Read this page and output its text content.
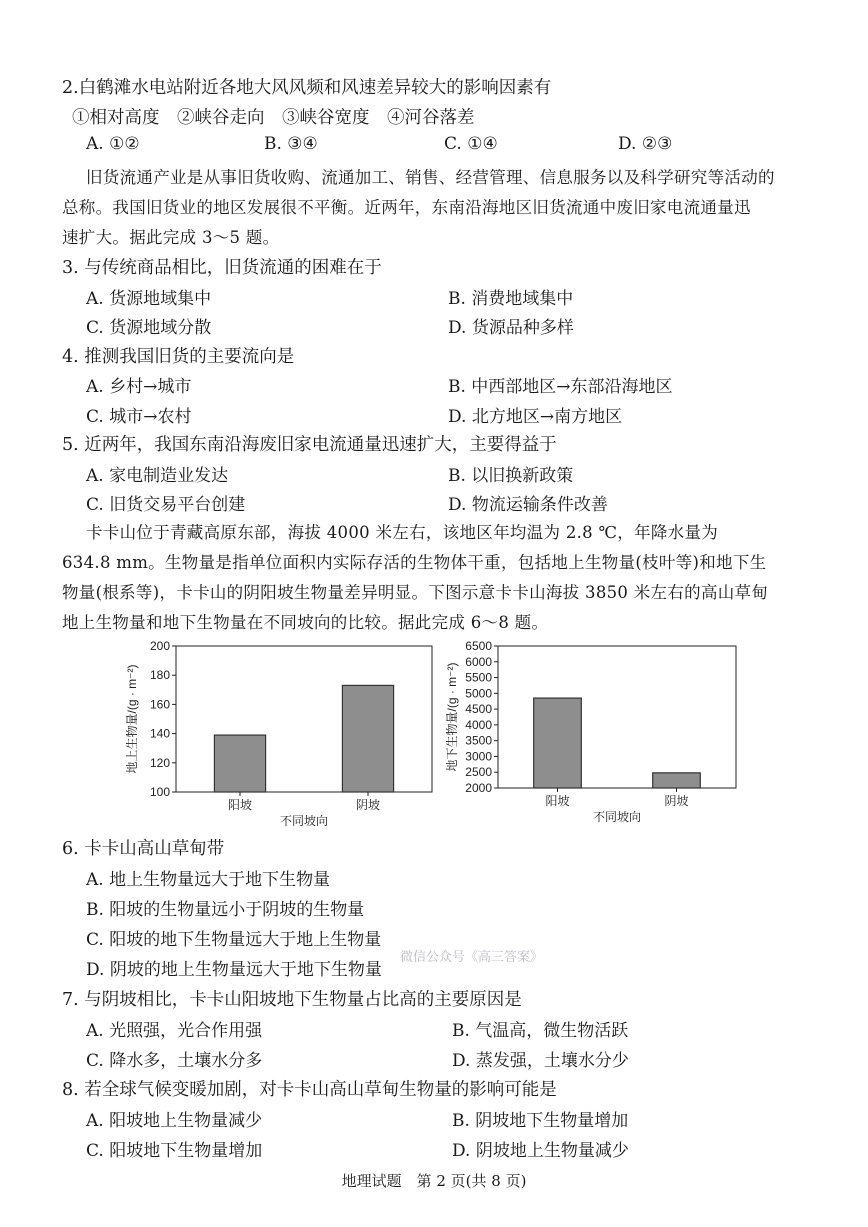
2.白鹤滩水电站附近各地大风风频和风速差异较大的影响因素有
①相对高度　②峡谷走向　③峡谷宽度　④河谷落差
A. ①②	B. ③④	C. ①④	D. ②③
旧货流通产业是从事旧货收购、流通加工、销售、经营管理、信息服务以及科学研究等活动的
总称。我国旧货业的地区发展很不平衡。近两年，东南沿海地区旧货流通中废旧家电流通量迅
速扩大。据此完成 3～5 题。
3. 与传统商品相比，旧货流通的困难在于
A. 货源地域集中	B. 消费地域集中
C. 货源地域分散	D. 货源品种多样
4. 推测我国旧货的主要流向是
A. 乡村→城市	B. 中西部地区→东部沿海地区
C. 城市→农村	D. 北方地区→南方地区
5. 近两年，我国东南沿海废旧家电流通量迅速扩大，主要得益于
A. 家电制造业发达	B. 以旧换新政策
C. 旧货交易平台创建	D. 物流运输条件改善
卡卡山位于青藏高原东部，海拔 4000 米左右，该地区年均温为 2.8 ℃，年降水量为
634.8 mm。生物量是指单位面积内实际存活的生物体干重，包括地上生物量(枝叶等)和地下生
物量(根系等)，卡卡山的阴阳坡生物量差异明显。下图示意卡卡山海拔 3850 米左右的高山草甸
地上生物量和地下生物量在不同坡向的比较。据此完成 6～8 题。
100
120
140
160
180
200
阳坡	阴坡
不同坡向
地上生物量/(g · m⁻²)
2000
2500
3000
3500
4000
4500
5000
5500
6000
6500
阳坡	阴坡
不同坡向
地下生物量/(g · m⁻²)
6. 卡卡山高山草甸带
A. 地上生物量远大于地下生物量
B. 阳坡的生物量远小于阴坡的生物量
C. 阳坡的地下生物量远大于地上生物量
D. 阴坡的地上生物量远大于地下生物量
微信公众号《高三答案》
7. 与阴坡相比，卡卡山阳坡地下生物量占比高的主要原因是
A. 光照强，光合作用强	B. 气温高，微生物活跃
C. 降水多，土壤水分多	D. 蒸发强，土壤水分少
8. 若全球气候变暖加剧，对卡卡山高山草甸生物量的影响可能是
A. 阳坡地上生物量减少	B. 阴坡地下生物量增加
C. 阳坡地下生物量增加	D. 阴坡地上生物量减少
地理试题　第 2 页(共 8 页)
